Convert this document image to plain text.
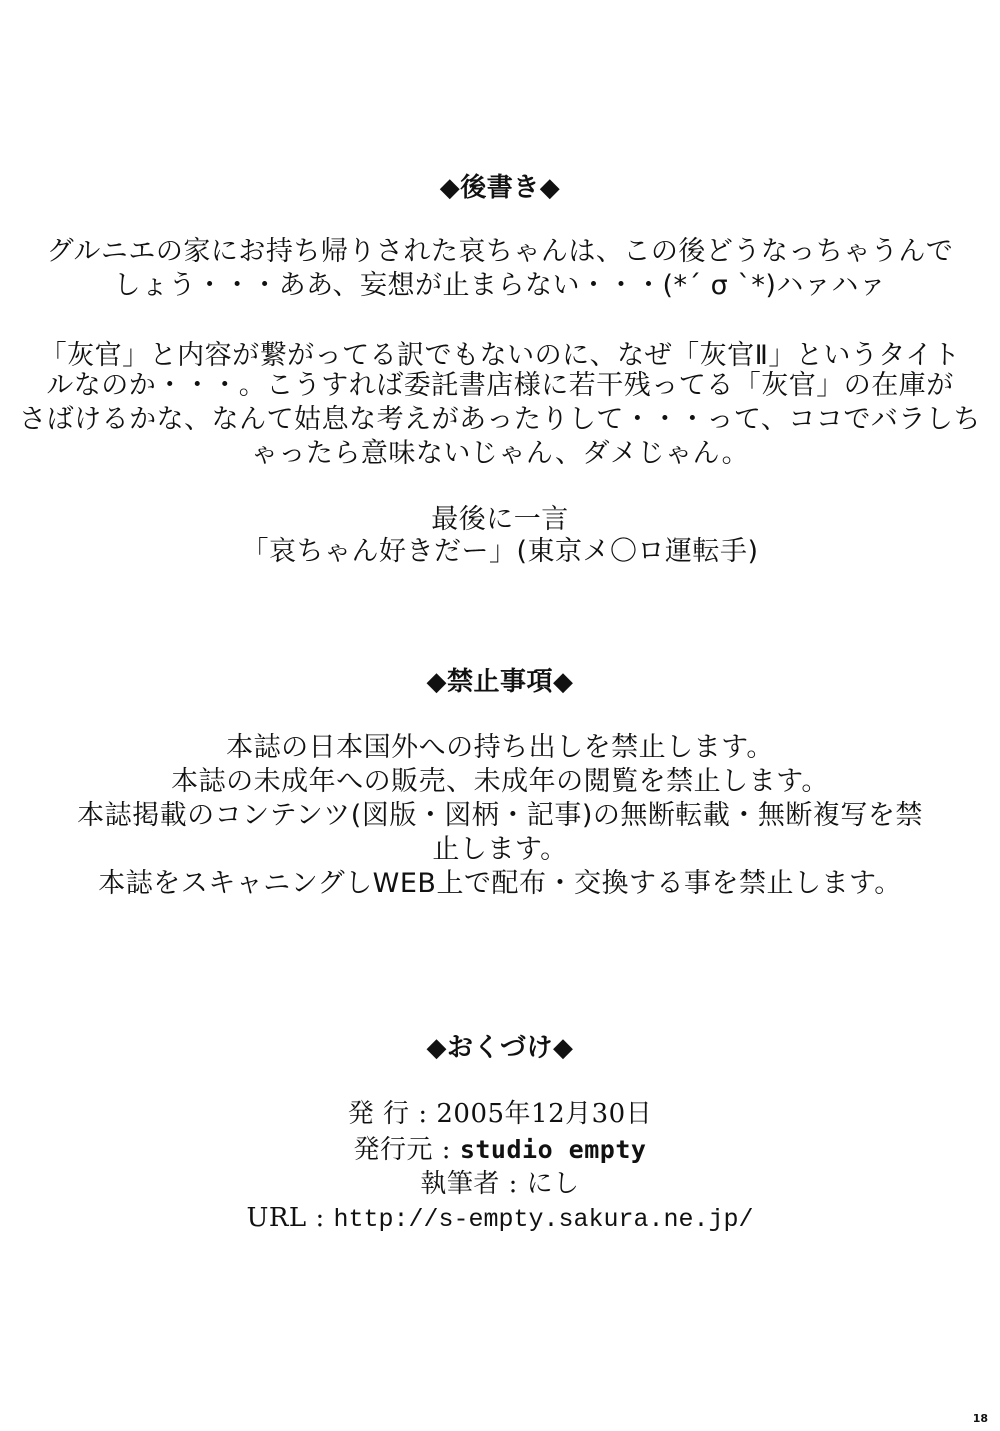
◆後書き◆
グルニエの家にお持ち帰りされた哀ちゃんは、この後どうなっちゃうんで
しょう・・・ああ、妄想が止まらない・・・(*´ σ `*)ハァハァ
「灰官」と内容が繋がってる訳でもないのに、なぜ「灰官Ⅱ」というタイト
ルなのか・・・。こうすれば委託書店様に若干残ってる「灰官」の在庫が
さばけるかな、なんて姑息な考えがあったりして・・・って、ココでバラしち
ゃったら意味ないじゃん、ダメじゃん。
最後に一言
「哀ちゃん好きだー」(東京メ〇ロ運転手)
◆禁止事項◆
本誌の日本国外への持ち出しを禁止します。
本誌の未成年への販売、未成年の閲覧を禁止します。
本誌掲載のコンテンツ(図版・図柄・記事)の無断転載・無断複写を禁
止します。
本誌をスキャニングしWEB上で配布・交換する事を禁止します。
◆おくづけ◆
発 行 : 2005年12月30日
発行元 : studio empty
執筆者 : にし
URL : http://s-empty.sakura.ne.jp/
18
